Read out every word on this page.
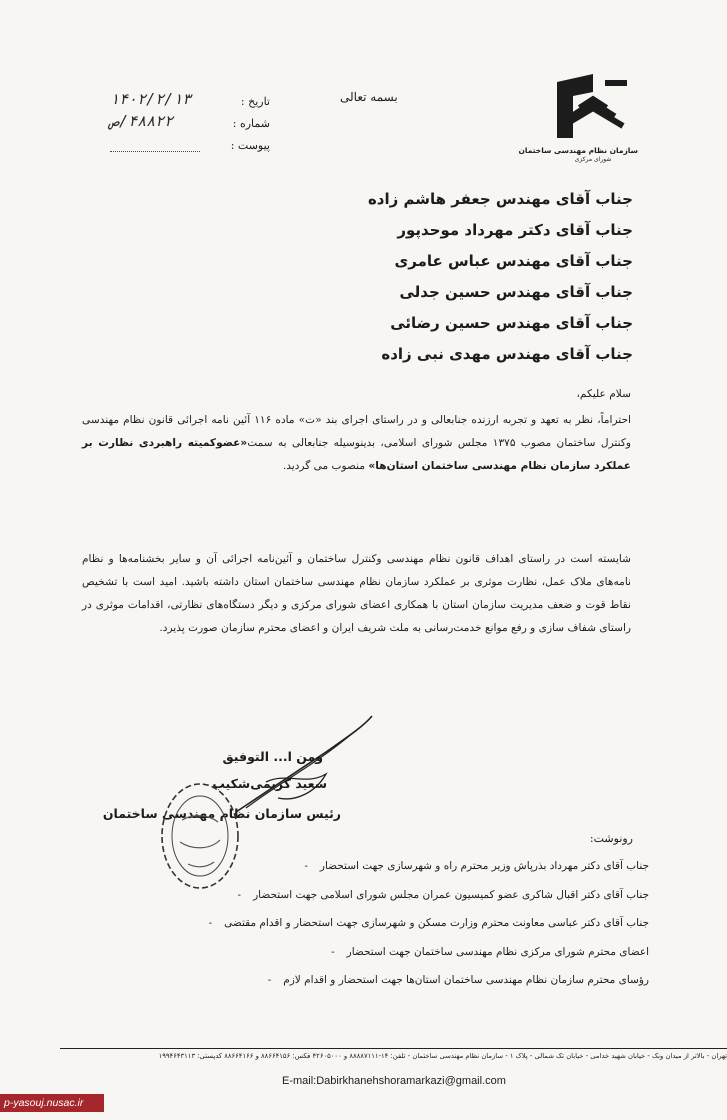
سازمان نظام مهندسی ساختمان
شورای مرکزی
بسمه تعالی
تاریخ :
۱۴۰۲/۲/۱۳
شماره :
۴۸۸۲۲/ص
پیوست :
جناب آقای مهندس جعفر هاشم زاده
جناب آقای دکتر مهرداد موحدپور
جناب آقای مهندس عباس عامری
جناب آقای مهندس حسین جدلی
جناب آقای مهندس حسین رضائی
جناب آقای مهندس مهدی نبی زاده
سلام علیکم،
احتراماً، نظر به تعهد و تجربه ارزنده جنابعالی و در راستای اجرای بند «ت» ماده ۱۱۶ آئین نامه اجرائی قانون نظام مهندسی وکنترل ساختمان مصوب ۱۳۷۵ مجلس شورای اسلامی، بدینوسیله جنابعالی به سمت«عضوکمیته راهبردی نظارت بر عملکرد سازمان نظام مهندسی ساختمان استان‌ها» منصوب می گردید.
شایسته است در راستای اهداف قانون نظام مهندسی وکنترل ساختمان و آئین‌نامه اجرائی آن و سایر بخشنامه‌ها و نظام نامه‌های ملاک عمل، نظارت موثری بر عملکرد سازمان نظام مهندسی ساختمان استان داشته باشید. امید است با تشخیص نقاط قوت و ضعف مدیریت سازمان استان با همکاری اعضای شورای مرکزی و دیگر دستگاه‌های نظارتی، اقدامات موثری در راستای شفاف سازی و رفع موانع خدمت‌رسانی به ملت شریف ایران و اعضای محترم سازمان صورت پذیرد.
ومن ا... التوفیق
سعید کریمی‌شکیب
رئیس سازمان نظام مهندسی ساختمان
رونوشت:
جناب آقای دکتر مهرداد بذرپاش وزیر محترم راه و شهرسازی جهت استحضار -
جناب آقای دکتر اقبال شاکری عضو کمیسیون عمران مجلس شورای اسلامی جهت استحضار -
جناب آقای دکتر عباسی معاونت محترم وزارت مسکن و شهرسازی جهت استحضار و اقدام مقتضی -
اعضای محترم شورای مرکزی نظام مهندسی ساختمان جهت استحضار -
رؤسای محترم سازمان نظام مهندسی ساختمان استان‌ها جهت استحضار و اقدام لازم -
تهران - بالاتر از میدان ونک - خیابان شهید خدامی - خیابان تک شمالی - پلاک ۱ - سازمان نظام مهندسی ساختمان - تلفن: ۱۴-۸۸۸۸۷۱۱۱ و ۴۲۶۰۵۰۰۰ فکس: ۸۸۶۶۴۱۵۶ و ۸۸۶۶۴۱۶۶ کدپستی: ۱۹۹۴۶۴۳۱۱۳
E-mail:Dabirkhanehshoramarkazi@gmail.com
p-yasouj.nusac.ir
